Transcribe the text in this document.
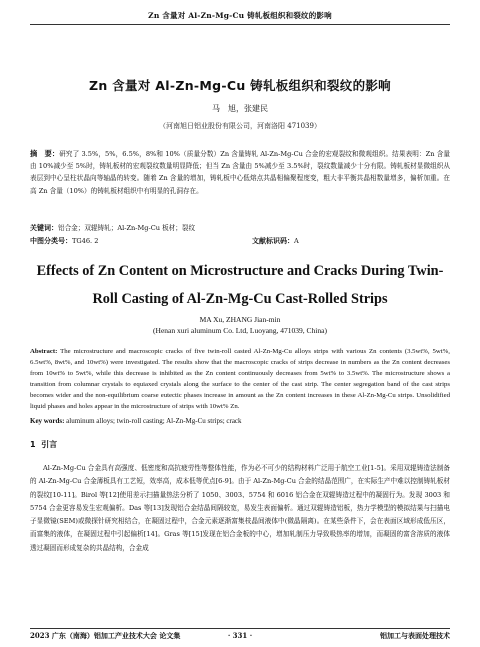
Zn 含量对 Al-Zn-Mg-Cu 铸轧板组织和裂纹的影响
Zn 含量对 Al-Zn-Mg-Cu 铸轧板组织和裂纹的影响
马　旭，张建民
（河南旭日铝业股份有限公司，河南洛阳 471039）
摘　要：研究了 3.5%，5%，6.5%，8%和 10%（质量分数）Zn 含量铸轧 Al-Zn-Mg-Cu 合金的宏观裂纹和微观组织。结果表明：Zn 含量由 10%减少至 5%时，铸轧板材的宏观裂纹数量明显降低；但当 Zn 含量由 5%减少至 3.5%时，裂纹数量减少十分有限。铸轧板材显微组织从表层到中心呈柱状晶向等轴晶的转变。随着 Zn 含量的增加，铸轧板中心低熔点共晶相偏聚程度变，粗大非平衡共晶相数量增多，偏析加重。在高 Zn 含量（10%）的铸轧板材组织中有明显的孔洞存在。
关键词：铝合金；双辊铸轧；Al-Zn-Mg-Cu 板材；裂纹
中图分类号：TG46. 2	文献标识码：A
Effects of Zn Content on Microstructure and Cracks During Twin-Roll Casting of Al-Zn-Mg-Cu Cast-Rolled Strips
MA Xu, ZHANG Jian-min
(Henan xuri aluminum Co. Ltd, Luoyang, 471039, China)
Abstract: The microstructure and macroscopic cracks of five twin-roll casted Al-Zn-Mg-Cu alloys strips with various Zn contents (3.5wt%, 5wt%, 6.5wt%, 8wt%, and 10wt%) were investigated. The results show that the macroscopic cracks of strips decrease in numbers as the Zn content decreases from 10wt% to 5wt%, while this decrease is inhibited as the Zn content continuously decreases from 5wt% to 3.5wt%. The microstructure shows a transition from columnar crystals to equiaxed crystals along the surface to the center of the cast strip. The center segregation band of the cast strips becomes wider and the non-equilibrium coarse eutectic phases increase in amount as the Zn content increases in these Al-Zn-Mg-Cu strips. Unsolidified liquid phases and holes appear in the microstructure of strips with 10wt% Zn.
Key words: aluminum alloys; twin-roll casting; Al-Zn-Mg-Cu strips; crack
1 引言

Al-Zn-Mg-Cu 合金具有高强度、低密度和高抗疲劳性等整体性能，作为必不可少的结构材料广泛用于航空工业[1-5]。采用双辊铸造法制备的 Al-Zn-Mg-Cu 合金薄板具有工艺短，效率高，成本低等优点[6-9]。由于 Al-Zn-Mg-Cu 合金的结晶范围广，在实际生产中难以控制铸轧板材的裂纹[10-11]。Birol 等[12]使用差示扫描量热法分析了 1050、3003、5754 和 6016 铝合金在双辊铸造过程中的凝固行为。发现 3003 和 5754 合金更容易发生宏观偏析。Das 等[13]发现铝合金结晶间隔较宽，易发生表面偏析。通过双辊铸造铝板，热力学模型的模拟结果与扫描电子显微镜(SEM)或微探针研究相结合，在凝固过程中，合金元素逐渐富集枝晶间液体中(微晶隔离)。在某些条件下，会在表面区域形成低压区，而富集的液体，在凝固过程中引起偏析[14]。Gras 等[15]发现在铝合金板的中心，增加轧制压力导致吸热率的增加，而凝固的富含溶质的液体透过凝固而形成复杂的共晶结构，合金成

2023 广东（南海）铝加工产业技术大会 论文集	· 331 ·	铝加工与表面处理技术
